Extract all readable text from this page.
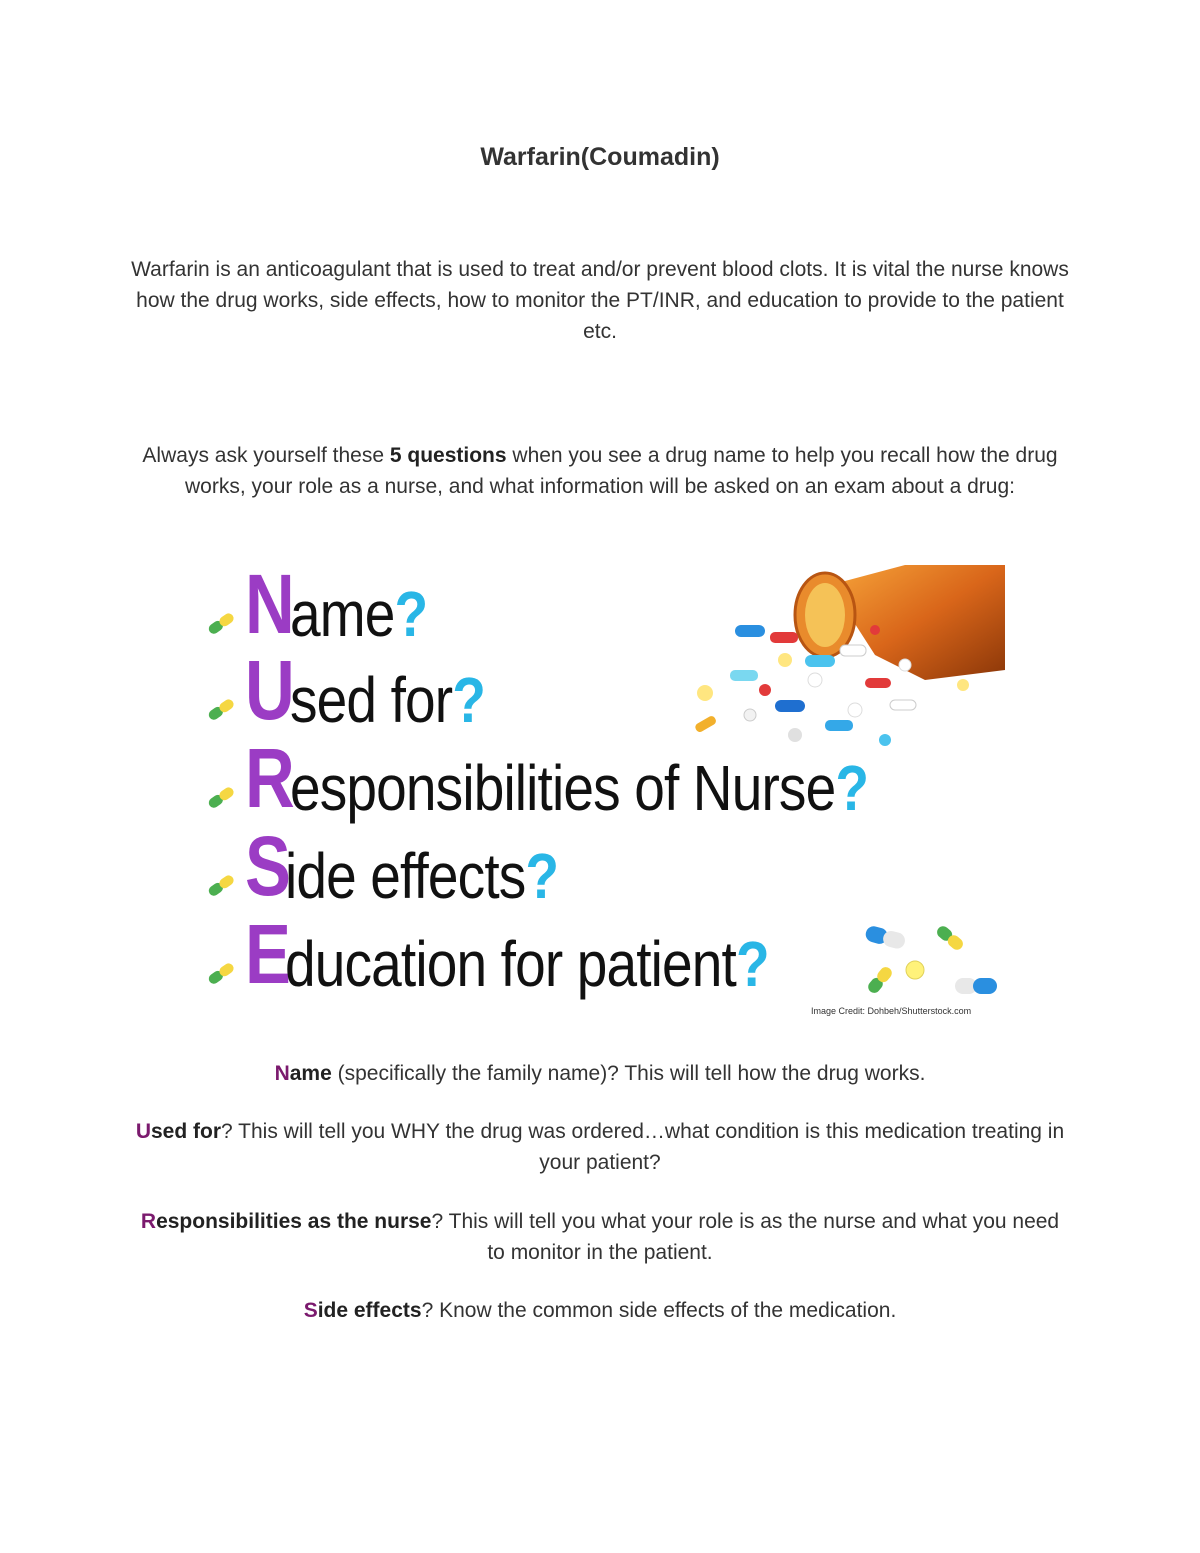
Warfarin(Coumadin)
Warfarin is an anticoagulant that is used to treat and/or prevent blood clots. It is vital the nurse knows how the drug works, side effects, how to monitor the PT/INR, and education to provide to the patient etc.
Always ask yourself these 5 questions when you see a drug name to help you recall how the drug works, your role as a nurse, and what information will be asked on an exam about a drug:
N
ame?
U
sed for?
R
esponsibilities of Nurse?
S
ide effects?
E
ducation for patient?
Image Credit: Dohbeh/Shutterstock.com
Name (specifically the family name)? This will tell how the drug works.
Used for? This will tell you WHY the drug was ordered…what condition is this medication treating in your patient?
Responsibilities as the nurse? This will tell you what your role is as the nurse and what you need to monitor in the patient.
Side effects? Know the common side effects of the medication.
